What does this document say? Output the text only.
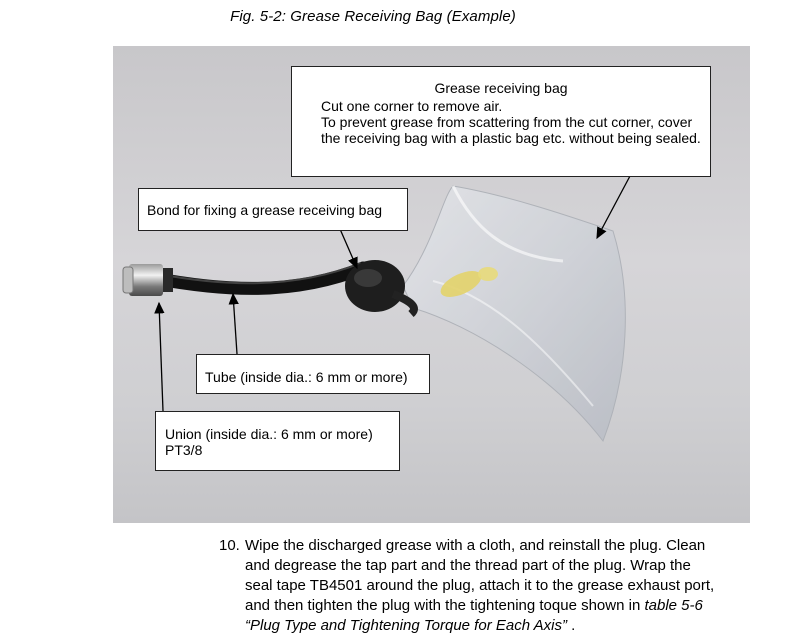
Fig. 5-2: Grease Receiving Bag (Example)
Grease receiving bag
Cut one corner to remove air.
To prevent grease from scattering from the cut corner, cover the receiving bag with a plastic bag etc. without being sealed.
Bond for fixing a grease receiving bag
Tube (inside dia.: 6 mm or more)
Union (inside dia.: 6 mm or more)
PT3/8
10. Wipe the discharged grease with a cloth, and reinstall the plug. Clean
and degrease the tap part and the thread part of the plug. Wrap the
seal tape TB4501 around the plug, attach it to the grease exhaust port,
and then tighten the plug with the tightening toque shown in table 5-6
“Plug Type and Tightening Torque for Each Axis” .
